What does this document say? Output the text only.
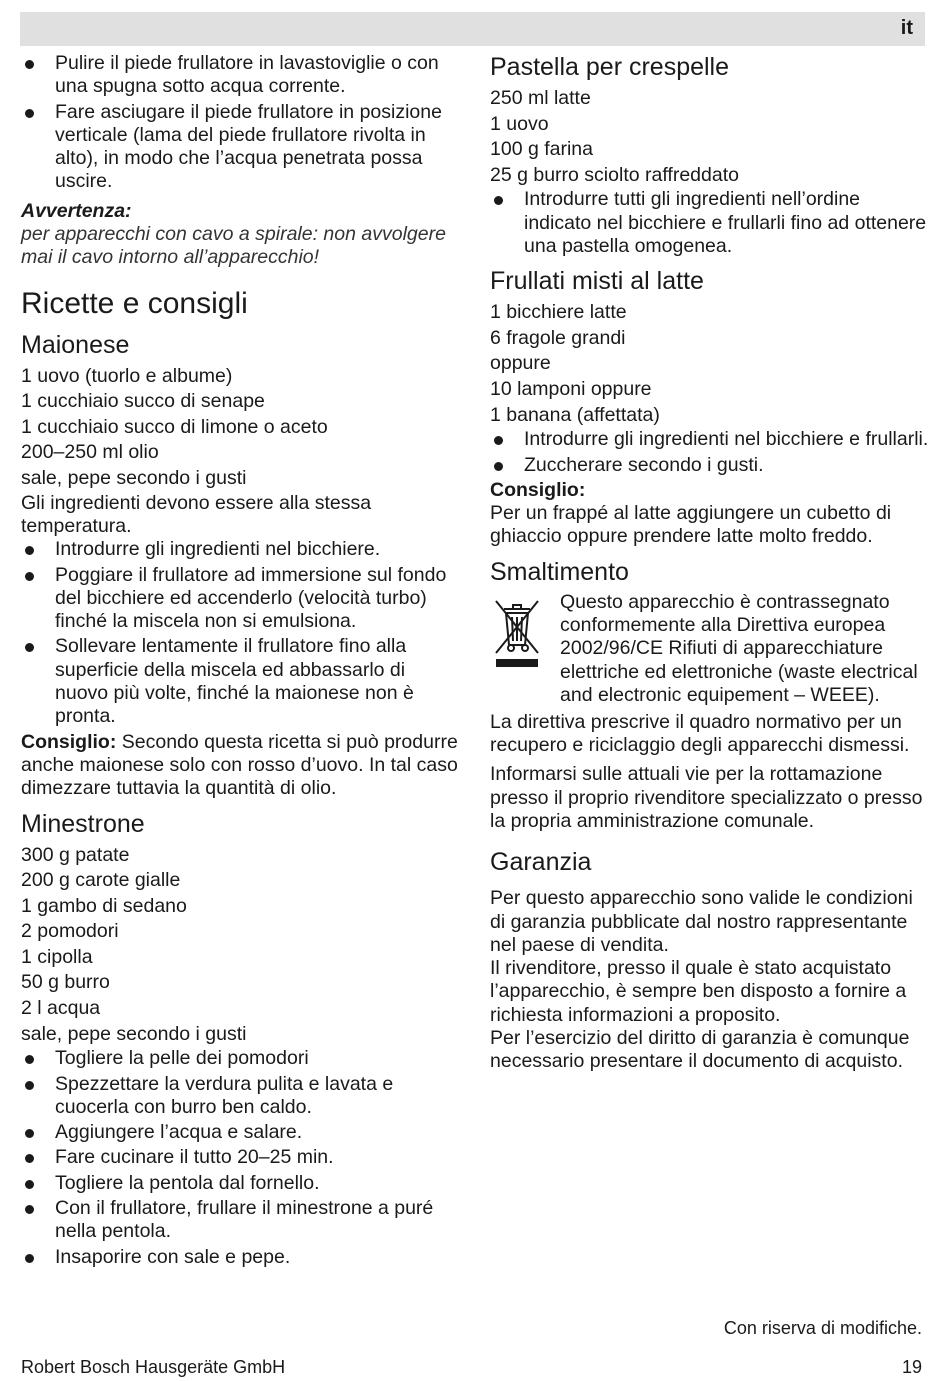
it
Pulire il piede frullatore in lavastoviglie o con una spugna sotto acqua corrente.
Fare asciugare il piede frullatore in posizione verticale (lama del piede frullatore rivolta in alto), in modo che l’acqua penetrata possa uscire.

Avvertenza:

per apparecchi con cavo a spirale: non avvolgere mai il cavo intorno all’apparecchio!

Ricette e consigli
Maionese
1 uovo (tuorlo e albume)
1 cucchiaio succo di senape
1 cucchiaio succo di limone o aceto
200–250 ml olio
sale, pepe secondo i gusti

Gli ingredienti devono essere alla stessa temperatura.

Introdurre gli ingredienti nel bicchiere.
Poggiare il frullatore ad immersione sul fondo del bicchiere ed accenderlo (velocità turbo) finché la miscela non si emulsiona.
Sollevare lentamente il frullatore fino alla superficie della miscela ed abbassarlo di nuovo più volte, finché la maionese non è pronta.

Consiglio: Secondo questa ricetta si può produrre anche maionese solo con rosso d’uovo. In tal caso dimezzare tuttavia la quantità di olio.

Minestrone
300 g patate
200 g carote gialle
1 gambo di sedano
2 pomodori
1 cipolla
50 g burro
2 l acqua
sale, pepe secondo i gusti
Togliere la pelle dei pomodori
Spezzettare la verdura pulita e lavata e cuocerla con burro ben caldo.
Aggiungere l’acqua e salare.
Fare cucinare il tutto 20–25 min.
Togliere la pentola dal fornello.
Con il frullatore, frullare il minestrone a puré nella pentola.
Insaporire con sale e pepe.
Pastella per crespelle
250 ml latte
1 uovo
100 g farina
25 g burro sciolto raffreddato
Introdurre tutti gli ingredienti nell’ordine indicato nel bicchiere e frullarli fino ad ottenere una pastella omogenea.
Frullati misti al latte
1 bicchiere latte
6 fragole grandi
oppure
10 lamponi oppure
1 banana (affettata)
Introdurre gli ingredienti nel bicchiere e frullarli.
Zuccherare secondo i gusti.

Consiglio:

Per un frappé al latte aggiungere un cubetto di ghiaccio oppure prendere latte molto freddo.

Smaltimento

Questo apparecchio è contrassegnato conformemente alla Direttiva europea 2002/96/CE Rifiuti di apparecchiature elettriche ed elettroniche (waste electrical and electronic equipement – WEEE).

La direttiva prescrive il quadro normativo per un recupero e riciclaggio degli apparecchi dismessi.

Informarsi sulle attuali vie per la rottamazione presso il proprio rivenditore specializzato o presso la propria amministrazione comunale.

Garanzia

Per questo apparecchio sono valide le condizioni di garanzia pubblicate dal nostro rappresentante nel paese di vendita.

Il rivenditore, presso il quale è stato acquistato l’apparecchio, è sempre ben disposto a fornire a richiesta informazioni a proposito.

Per l’esercizio del diritto di garanzia è comunque necessario presentare il documento di acquisto.

Con riserva di modifiche.
Robert Bosch Hausgeräte GmbH	19
